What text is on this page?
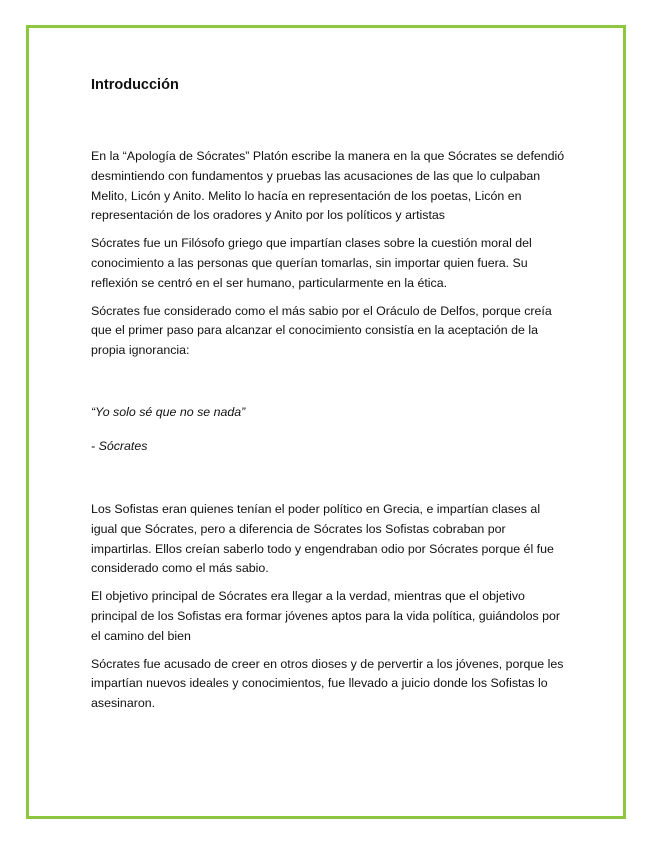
Introducción

En la “Apología de Sócrates” Platón escribe la manera en la que Sócrates se defendió desmintiendo con fundamentos y pruebas las acusaciones de las que lo culpaban Melito, Licón y Anito. Melito lo hacía en representación de los poetas, Licón en representación de los oradores y Anito por los políticos y artistas

Sócrates fue un Filósofo griego que impartían clases sobre la cuestión moral del conocimiento a las personas que querían tomarlas, sin importar quien fuera. Su reflexión se centró en el ser humano, particularmente en la ética.

Sócrates fue considerado como el más sabio por el Oráculo de Delfos, porque creía que el primer paso para alcanzar el conocimiento consistía en la aceptación de la propia ignorancia:

“Yo solo sé que no se nada”

- Sócrates

Los Sofistas eran quienes tenían el poder político en Grecia, e impartían clases al igual que Sócrates, pero a diferencia de Sócrates los Sofistas cobraban por impartirlas. Ellos creían saberlo todo y engendraban odio por Sócrates porque él fue considerado como el más sabio.

El objetivo principal de Sócrates era llegar a la verdad, mientras que el objetivo principal de los Sofistas era formar jóvenes aptos para la vida política, guiándolos por el camino del bien

Sócrates fue acusado de creer en otros dioses y de pervertir a los jóvenes, porque les impartían nuevos ideales y conocimientos, fue llevado a juicio donde los Sofistas lo asesinaron.
